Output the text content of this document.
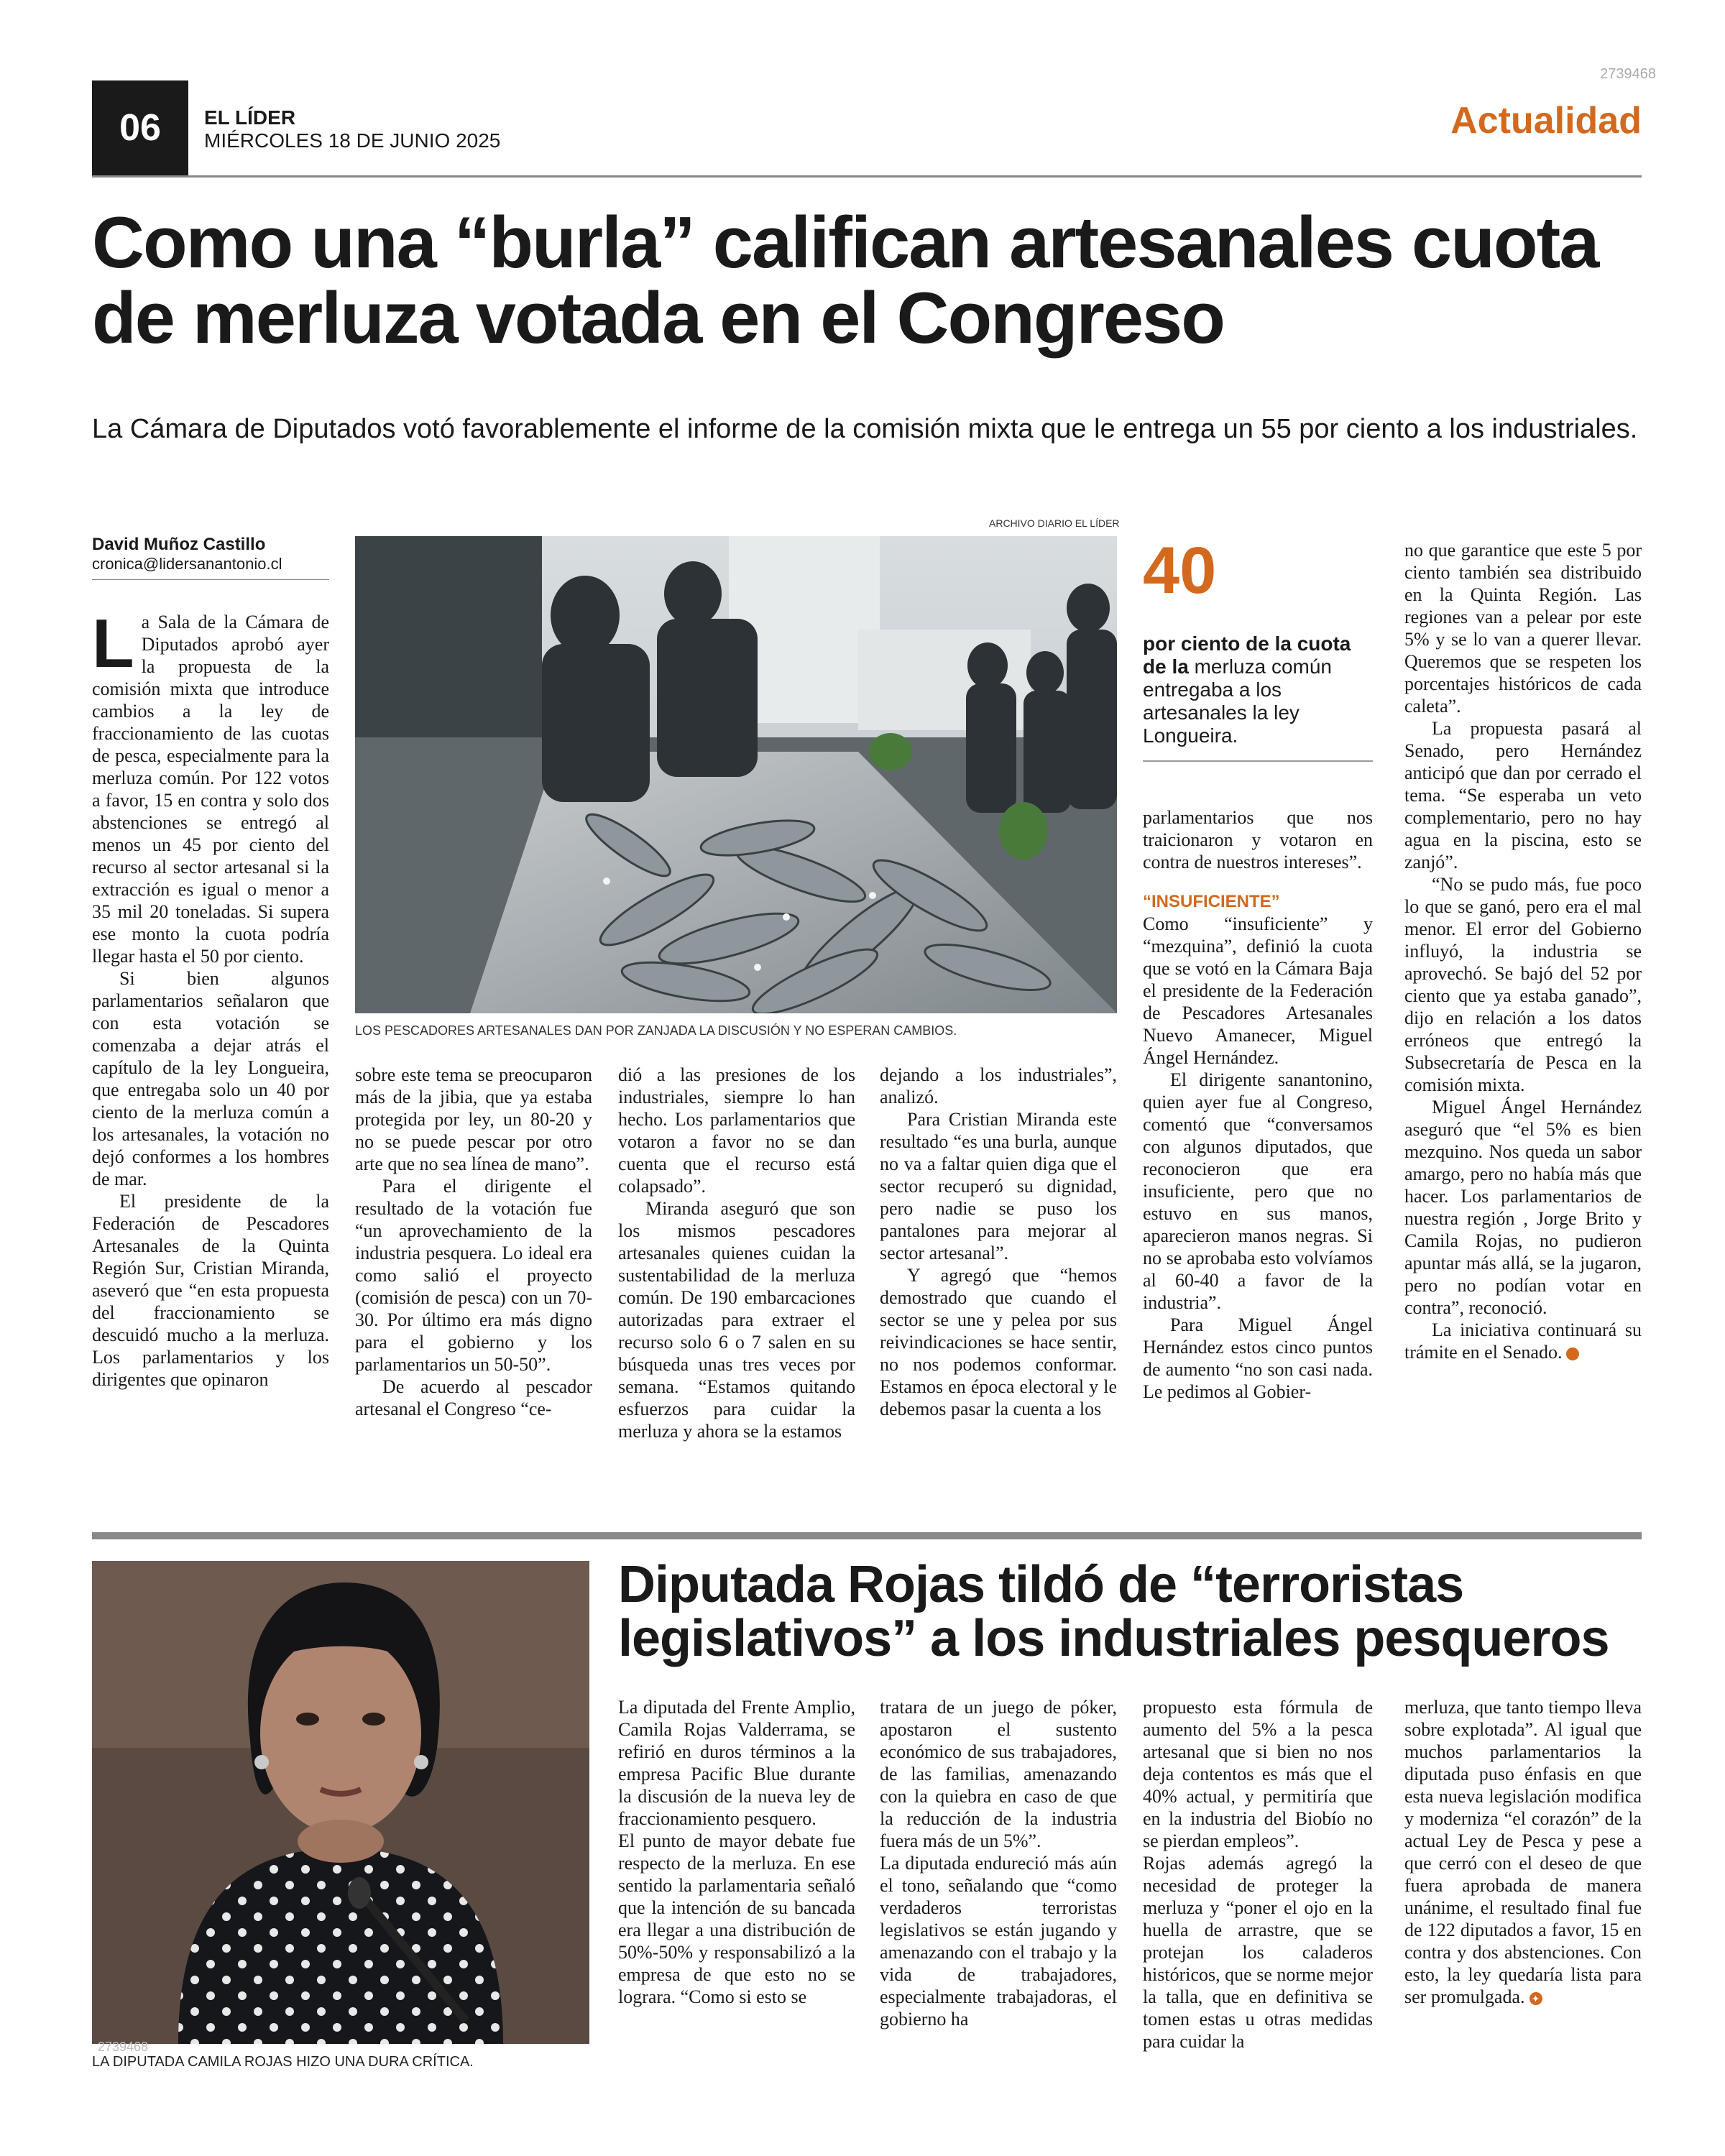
2739468
06	EL LÍDER
MIÉRCOLES 18 DE JUNIO 2025	Actualidad
Como una “burla” califican artesanales cuota de merluza votada en el Congreso
La Cámara de Diputados votó favorablemente el informe de la comisión mixta que le entrega un 55 por ciento a los industriales.
David Muñoz Castillo
cronica@lidersanantonio.cl

La Sala de la Cámara de Diputados aprobó ayer la propuesta de la comisión mixta que introduce cambios a la ley de fraccionamiento de las cuotas de pesca, especialmente para la merluza común. Por 122 votos a favor, 15 en contra y solo dos abstenciones se entregó al menos un 45 por ciento del recurso al sector artesanal si la extracción es igual o menor a 35 mil 20 toneladas. Si supera ese monto la cuota podría llegar hasta el 50 por ciento.

Si bien algunos parlamentarios señalaron que con esta votación se comenzaba a dejar atrás el capítulo de la ley Longueira, que entregaba solo un 40 por ciento de la merluza común a los artesanales, la votación no dejó conformes a los hombres de mar.

El presidente de la Federación de Pescadores Artesanales de la Quinta Región Sur, Cristian Miranda, aseveró que “en esta propuesta del fraccionamiento se descuidó mucho a la merluza. Los parlamentarios y los dirigentes que opinaron

ARCHIVO DIARIO EL LÍDER
LOS PESCADORES ARTESANALES DAN POR ZANJADA LA DISCUSIÓN Y NO ESPERAN CAMBIOS.

sobre este tema se preocuparon más de la jibia, que ya estaba protegida por ley, un 80-20 y no se puede pescar por otro arte que no sea línea de mano”.

Para el dirigente el resultado de la votación fue “un aprovechamiento de la industria pesquera. Lo ideal era como salió el proyecto (comisión de pesca) con un 70-30. Por último era más digno para el gobierno y los parlamentarios un 50-50”.

De acuerdo al pescador artesanal el Congreso “ce-

dió a las presiones de los industriales, siempre lo han hecho. Los parlamentarios que votaron a favor no se dan cuenta que el recurso está colapsado”.

Miranda aseguró que son los mismos pescadores artesanales quienes cuidan la sustentabilidad de la merluza común. De 190 embarcaciones autorizadas para extraer el recurso solo 6 o 7 salen en su búsqueda unas tres veces por semana. “Estamos quitando esfuerzos para cuidar la merluza y ahora se la estamos

dejando a los industriales”, analizó.

Para Cristian Miranda este resultado “es una burla, aunque no va a faltar quien diga que el sector recuperó su dignidad, pero nadie se puso los pantalones para mejorar al sector artesanal”.

Y agregó que “hemos demostrado que cuando el sector se une y pelea por sus reivindicaciones se hace sentir, no nos podemos conformar. Estamos en época electoral y le debemos pasar la cuenta a los

40
por ciento de la cuota de la merluza común entregaba a los artesanales la ley Longueira.

parlamentarios que nos traicionaron y votaron en contra de nuestros intereses”.

“INSUFICIENTE”

Como “insuficiente” y “mezquina”, definió la cuota que se votó en la Cámara Baja el presidente de la Federación de Pescadores Artesanales Nuevo Amanecer, Miguel Ángel Hernández.

El dirigente sanantonino, quien ayer fue al Congreso, comentó que “conversamos con algunos diputados, que reconocieron que era insuficiente, pero que no estuvo en sus manos, aparecieron manos negras. Si no se aprobaba esto volvíamos al 60-40 a favor de la industria”.

Para Miguel Ángel Hernández estos cinco puntos de aumento “no son casi nada. Le pedimos al Gobier-

no que garantice que este 5 por ciento también sea distribuido en la Quinta Región. Las regiones van a pelear por este 5% y se lo van a querer llevar. Queremos que se respeten los porcentajes históricos de cada caleta”.

La propuesta pasará al Senado, pero Hernández anticipó que dan por cerrado el tema. “Se esperaba un veto complementario, pero no hay agua en la piscina, esto se zanjó”.

“No se pudo más, fue poco lo que se ganó, pero era el mal menor. El error del Gobierno influyó, la industria se aprovechó. Se bajó del 52 por ciento que ya estaba ganado”, dijo en relación a los datos erróneos que entregó la Subsecretaría de Pesca en la comisión mixta.

Miguel Ángel Hernández aseguró que “el 5% es bien mezquino. Nos queda un sabor amargo, pero no había más que hacer. Los parlamentarios de nuestra región , Jorge Brito y Camila Rojas, no pudieron apuntar más allá, se la jugaron, pero no podían votar en contra”, reconoció.

La iniciativa continuará su trámite en el Senado.	✦

2739468
LA DIPUTADA CAMILA ROJAS HIZO UNA DURA CRÍTICA.
Diputada Rojas tildó de “terroristas legislativos” a los industriales pesqueros

La diputada del Frente Amplio, Camila Rojas Valderrama, se refirió en duros términos a la empresa Pacific Blue durante la discusión de la nueva ley de fraccionamiento pesquero.

El punto de mayor debate fue respecto de la merluza. En ese sentido la parlamentaria señaló que la intención de su bancada era llegar a una distribución de 50%-50% y responsabilizó a la empresa de que esto no se lograra. “Como si esto se

tratara de un juego de póker, apostaron el sustento económico de sus trabajadores, de las familias, amenazando con la quiebra en caso de que la reducción de la industria fuera más de un 5%”.

La diputada endureció más aún el tono, señalando que “como verdaderos terroristas legislativos se están jugando y amenazando con el trabajo y la vida de trabajadores, especialmente trabajadoras, el gobierno ha

propuesto esta fórmula de aumento del 5% a la pesca artesanal que si bien no nos deja contentos es más que el 40% actual, y permitiría que en la industria del Biobío no se pierdan empleos”.

Rojas además agregó la necesidad de proteger la merluza y “poner el ojo en la huella de arrastre, que se protejan los caladeros históricos, que se norme mejor la talla, que en definitiva se tomen estas u otras medidas para cuidar la

merluza, que tanto tiempo lleva sobre explotada”. Al igual que muchos parlamentarios la diputada puso énfasis en que esta nueva legislación modifica y moderniza “el corazón” de la actual Ley de Pesca y pese a que cerró con el deseo de que fuera aprobada de manera unánime, el resultado final fue de 122 diputados a favor, 15 en contra y dos abstenciones. Con esto, la ley quedaría lista para ser promulgada. ✦
